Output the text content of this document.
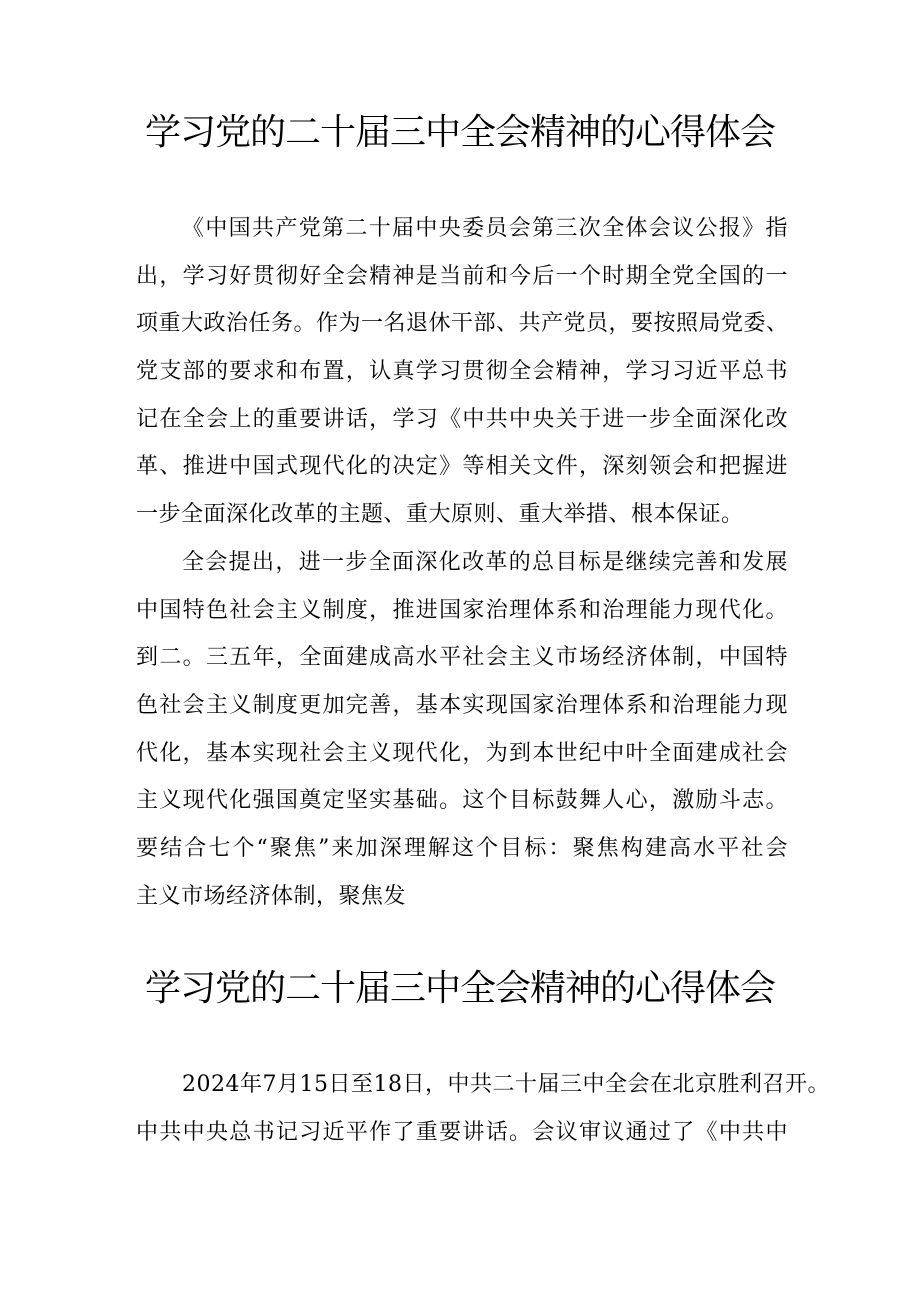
学习党的二十届三中全会精神的心得体会
《中国共产党第二十届中央委员会第三次全体会议公报》指
出，学习好贯彻好全会精神是当前和今后一个时期全党全国的一
项重大政治任务。作为一名退休干部、共产党员，要按照局党委、
党支部的要求和布置，认真学习贯彻全会精神，学习习近平总书
记在全会上的重要讲话，学习《中共中央关于进一步全面深化改
革、推进中国式现代化的决定》等相关文件，深刻领会和把握进
一步全面深化改革的主题、重大原则、重大举措、根本保证。
全会提出，进一步全面深化改革的总目标是继续完善和发展
中国特色社会主义制度，推进国家治理体系和治理能力现代化。
到二。三五年，全面建成高水平社会主义市场经济体制，中国特
色社会主义制度更加完善，基本实现国家治理体系和治理能力现
代化，基本实现社会主义现代化，为到本世纪中叶全面建成社会
主义现代化强国奠定坚实基础。这个目标鼓舞人心，激励斗志。
要结合七个“聚焦”来加深理解这个目标：聚焦构建高水平社会
主义市场经济体制，聚焦发
学习党的二十届三中全会精神的心得体会
2024年7月15日至18日，中共二十届三中全会在北京胜利召开。
中共中央总书记习近平作了重要讲话。会议审议通过了《中共中
